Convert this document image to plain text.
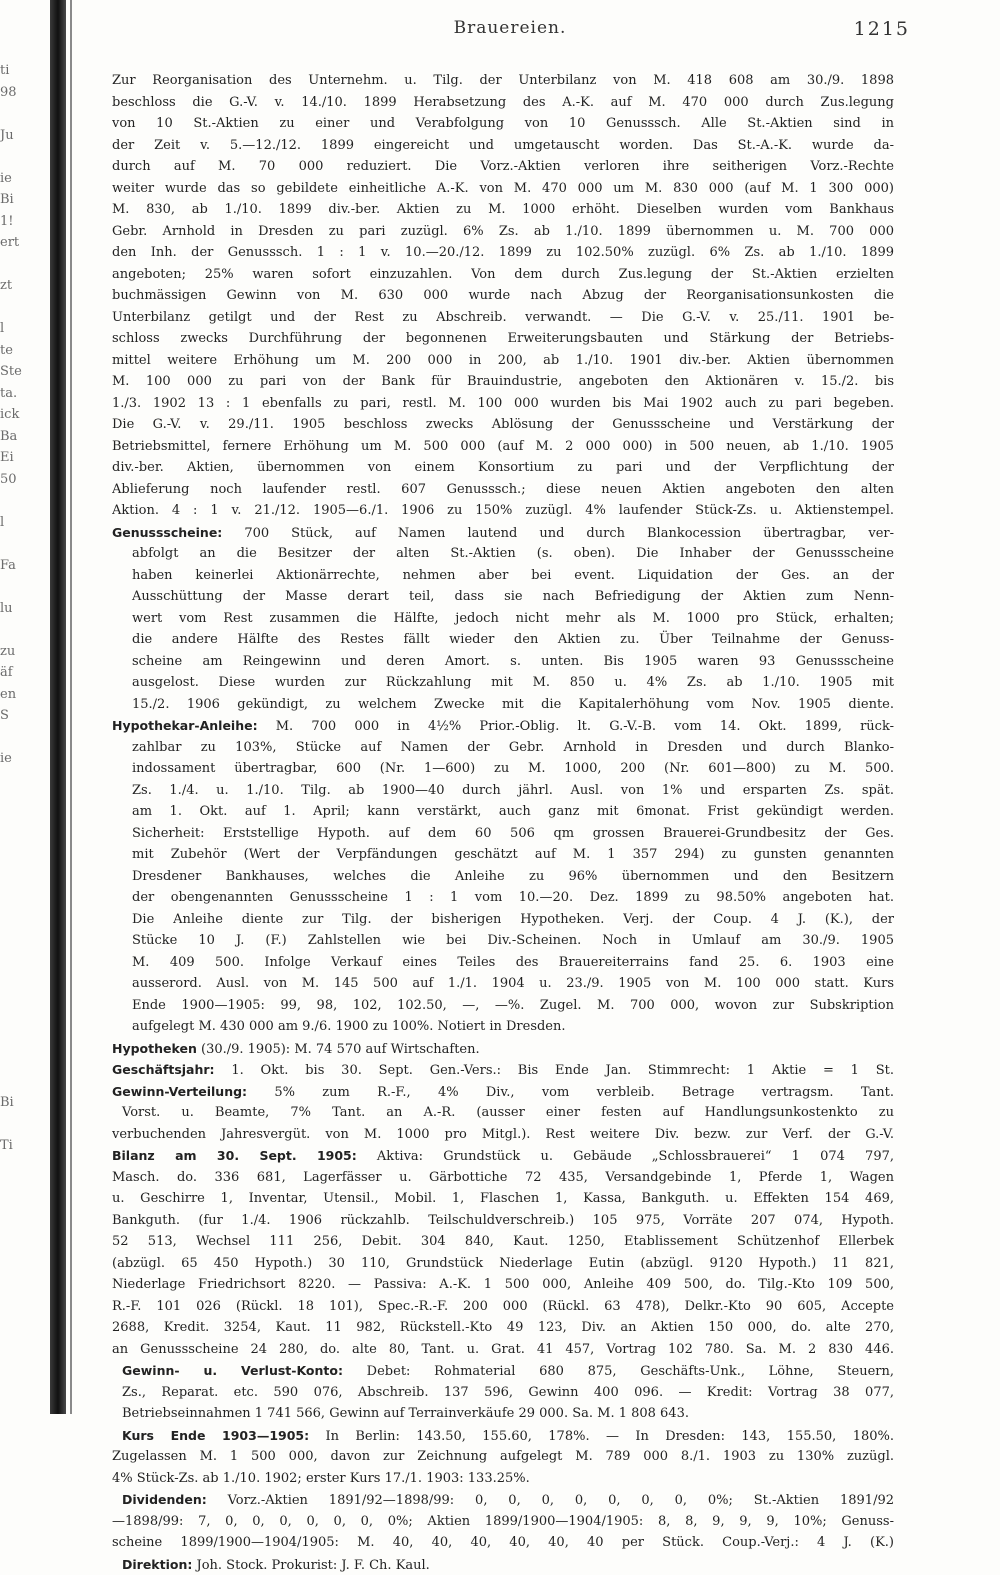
ti
98
Ju
ie
Bi
1!
ert
zt
l
te
Ste
ta.
ick
Ba
Ei
50
l
Fa
lu
zu
äf
en
S
ie
Bi
Ti
Brauereien.	1215
Zur Reorganisation des Unternehm. u. Tilg. der Unterbilanz von M. 418 608 am 30./9. 1898
beschloss die G.-V. v. 14./10. 1899 Herabsetzung des A.-K. auf M. 470 000 durch Zus.legung
von 10 St.-Aktien zu einer und Verabfolgung von 10 Genusssch. Alle St.-Aktien sind in
der Zeit v. 5.—12./12. 1899 eingereicht und umgetauscht worden. Das St.-A.-K. wurde da-
durch auf M. 70 000 reduziert. Die Vorz.-Aktien verloren ihre seitherigen Vorz.-Rechte
weiter wurde das so gebildete einheitliche A.-K. von M. 470 000 um M. 830 000 (auf M. 1 300 000)
M. 830, ab 1./10. 1899 div.-ber. Aktien zu M. 1000 erhöht. Dieselben wurden vom Bankhaus
Gebr. Arnhold in Dresden zu pari zuzügl. 6% Zs. ab 1./10. 1899 übernommen u. M. 700 000
den Inh. der Genusssch. 1 : 1 v. 10.—20./12. 1899 zu 102.50% zuzügl. 6% Zs. ab 1./10. 1899
angeboten; 25% waren sofort einzuzahlen. Von dem durch Zus.legung der St.-Aktien erzielten
buchmässigen Gewinn von M. 630 000 wurde nach Abzug der Reorganisationsunkosten die
Unterbilanz getilgt und der Rest zu Abschreib. verwandt. — Die G.-V. v. 25./11. 1901 be-
schloss zwecks Durchführung der begonnenen Erweiterungsbauten und Stärkung der Betriebs-
mittel weitere Erhöhung um M. 200 000 in 200, ab 1./10. 1901 div.-ber. Aktien übernommen
M. 100 000 zu pari von der Bank für Brauindustrie, angeboten den Aktionären v. 15./2. bis
1./3. 1902 13 : 1 ebenfalls zu pari, restl. M. 100 000 wurden bis Mai 1902 auch zu pari begeben.
Die G.-V. v. 29./11. 1905 beschloss zwecks Ablösung der Genussscheine und Verstärkung der
Betriebsmittel, fernere Erhöhung um M. 500 000 (auf M. 2 000 000) in 500 neuen, ab 1./10. 1905
div.-ber. Aktien, übernommen von einem Konsortium zu pari und der Verpflichtung der
Ablieferung noch laufender restl. 607 Genusssch.; diese neuen Aktien angeboten den alten
Aktion. 4 : 1 v. 21./12. 1905—6./1. 1906 zu 150% zuzügl. 4% laufender Stück-Zs. u. Aktienstempel.
Genussscheine: 700 Stück, auf Namen lautend und durch Blankocession übertragbar, ver-
abfolgt an die Besitzer der alten St.-Aktien (s. oben). Die Inhaber der Genussscheine
haben keinerlei Aktionärrechte, nehmen aber bei event. Liquidation der Ges. an der
Ausschüttung der Masse derart teil, dass sie nach Befriedigung der Aktien zum Nenn-
wert vom Rest zusammen die Hälfte, jedoch nicht mehr als M. 1000 pro Stück, erhalten;
die andere Hälfte des Restes fällt wieder den Aktien zu. Über Teilnahme der Genuss-
scheine am Reingewinn und deren Amort. s. unten. Bis 1905 waren 93 Genussscheine
ausgelost. Diese wurden zur Rückzahlung mit M. 850 u. 4% Zs. ab 1./10. 1905 mit
15./2. 1906 gekündigt, zu welchem Zwecke mit die Kapitalerhöhung vom Nov. 1905 diente.
Hypothekar-Anleihe: M. 700 000 in 4½% Prior.-Oblig. lt. G.-V.-B. vom 14. Okt. 1899, rück-
zahlbar zu 103%, Stücke auf Namen der Gebr. Arnhold in Dresden und durch Blanko-
indossament übertragbar, 600 (Nr. 1—600) zu M. 1000, 200 (Nr. 601—800) zu M. 500.
Zs. 1./4. u. 1./10. Tilg. ab 1900—40 durch jährl. Ausl. von 1% und ersparten Zs. spät.
am 1. Okt. auf 1. April; kann verstärkt, auch ganz mit 6monat. Frist gekündigt werden.
Sicherheit: Erststellige Hypoth. auf dem 60 506 qm grossen Brauerei-Grundbesitz der Ges.
mit Zubehör (Wert der Verpfändungen geschätzt auf M. 1 357 294) zu gunsten genannten
Dresdener Bankhauses, welches die Anleihe zu 96% übernommen und den Besitzern
der obengenannten Genussscheine 1 : 1 vom 10.—20. Dez. 1899 zu 98.50% angeboten hat.
Die Anleihe diente zur Tilg. der bisherigen Hypotheken. Verj. der Coup. 4 J. (K.), der
Stücke 10 J. (F.) Zahlstellen wie bei Div.-Scheinen. Noch in Umlauf am 30./9. 1905
M. 409 500. Infolge Verkauf eines Teiles des Brauereiterrains fand 25. 6. 1903 eine
ausserord. Ausl. von M. 145 500 auf 1./1. 1904 u. 23./9. 1905 von M. 100 000 statt. Kurs
Ende 1900—1905: 99, 98, 102, 102.50, —, —%. Zugel. M. 700 000, wovon zur Subskription
aufgelegt M. 430 000 am 9./6. 1900 zu 100%. Notiert in Dresden.
Hypotheken (30./9. 1905): M. 74 570 auf Wirtschaften.
Geschäftsjahr: 1. Okt. bis 30. Sept. Gen.-Vers.: Bis Ende Jan. Stimmrecht: 1 Aktie = 1 St.
Gewinn-Verteilung: 5% zum R.-F., 4% Div., vom verbleib. Betrage vertragsm. Tant.
Vorst. u. Beamte, 7% Tant. an A.-R. (ausser einer festen auf Handlungsunkostenkto zu
verbuchenden Jahresvergüt. von M. 1000 pro Mitgl.). Rest weitere Div. bezw. zur Verf. der G.-V.
Bilanz am 30. Sept. 1905: Aktiva: Grundstück u. Gebäude „Schlossbrauerei“ 1 074 797,
Masch. do. 336 681, Lagerfässer u. Gärbottiche 72 435, Versandgebinde 1, Pferde 1, Wagen
u. Geschirre 1, Inventar, Utensil., Mobil. 1, Flaschen 1, Kassa, Bankguth. u. Effekten 154 469,
Bankguth. (fur 1./4. 1906 rückzahlb. Teilschuldverschreib.) 105 975, Vorräte 207 074, Hypoth.
52 513, Wechsel 111 256, Debit. 304 840, Kaut. 1250, Etablissement Schützenhof Ellerbek
(abzügl. 65 450 Hypoth.) 30 110, Grundstück Niederlage Eutin (abzügl. 9120 Hypoth.) 11 821,
Niederlage Friedrichsort 8220. — Passiva: A.-K. 1 500 000, Anleihe 409 500, do. Tilg.-Kto 109 500,
R.-F. 101 026 (Rückl. 18 101), Spec.-R.-F. 200 000 (Rückl. 63 478), Delkr.-Kto 90 605, Accepte
2688, Kredit. 3254, Kaut. 11 982, Rückstell.-Kto 49 123, Div. an Aktien 150 000, do. alte 270,
an Genussscheine 24 280, do. alte 80, Tant. u. Grat. 41 457, Vortrag 102 780. Sa. M. 2 830 446.
Gewinn- u. Verlust-Konto: Debet: Rohmaterial 680 875, Geschäfts-Unk., Löhne, Steuern,
Zs., Reparat. etc. 590 076, Abschreib. 137 596, Gewinn 400 096. — Kredit: Vortrag 38 077,
Betriebseinnahmen 1 741 566, Gewinn auf Terrainverkäufe 29 000. Sa. M. 1 808 643.
Kurs Ende 1903—1905: In Berlin: 143.50, 155.60, 178%. — In Dresden: 143, 155.50, 180%.
Zugelassen M. 1 500 000, davon zur Zeichnung aufgelegt M. 789 000 8./1. 1903 zu 130% zuzügl.
4% Stück-Zs. ab 1./10. 1902; erster Kurs 17./1. 1903: 133.25%.
Dividenden: Vorz.-Aktien 1891/92—1898/99: 0, 0, 0, 0, 0, 0, 0, 0%; St.-Aktien 1891/92
—1898/99: 7, 0, 0, 0, 0, 0, 0, 0%; Aktien 1899/1900—1904/1905: 8, 8, 9, 9, 9, 10%; Genuss-
scheine 1899/1900—1904/1905: M. 40, 40, 40, 40, 40, 40 per Stück. Coup.-Verj.: 4 J. (K.)
Direktion: Joh. Stock. Prokurist: J. F. Ch. Kaul.
